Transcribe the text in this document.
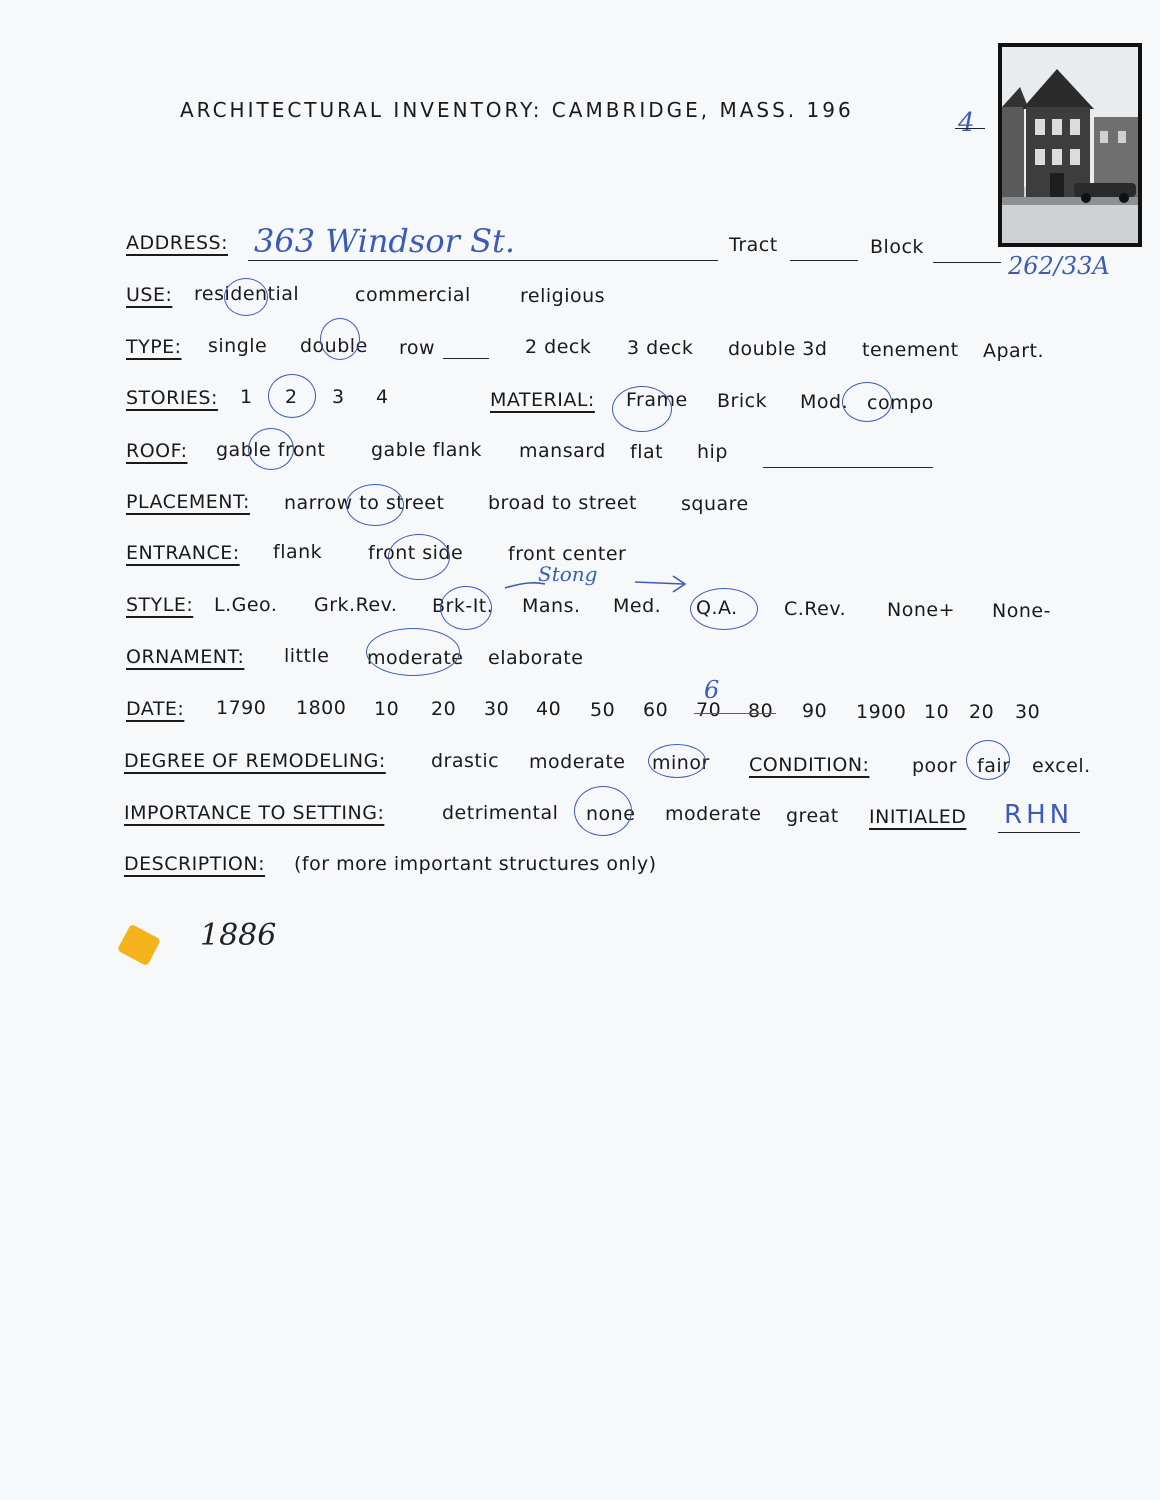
ARCHITECTURAL INVENTORY: CAMBRIDGE, MASS. 196	4
ADDRESS: 363 Windsor St.	Tract	Block
262/33A
USE: residential	commercial	religious
TYPE: single double row	2 deck 3 deck double 3d tenement Apart.
STORIES: 1 2 3 4	MATERIAL: Frame Brick Mod. compo
ROOF: gable front gable flank mansard flat hip
PLACEMENT: narrow to street broad to street square
ENTRANCE: flank front side front center
STYLE: L.Geo. Grk.Rev. Brk-It. Mans. Med. Q.A. C.Rev. None+ None-
Stong
ORNAMENT: little moderate elaborate
DATE: 1790 1800 10 20 30 40 50 60 70 80 90 1900 10 20 30
6
DEGREE OF REMODELING: drastic moderate minor CONDITION: poor fair excel.
IMPORTANCE TO SETTING:	detrimental none moderate great INITIALED RHN
DESCRIPTION: (for more important structures only)
1886
